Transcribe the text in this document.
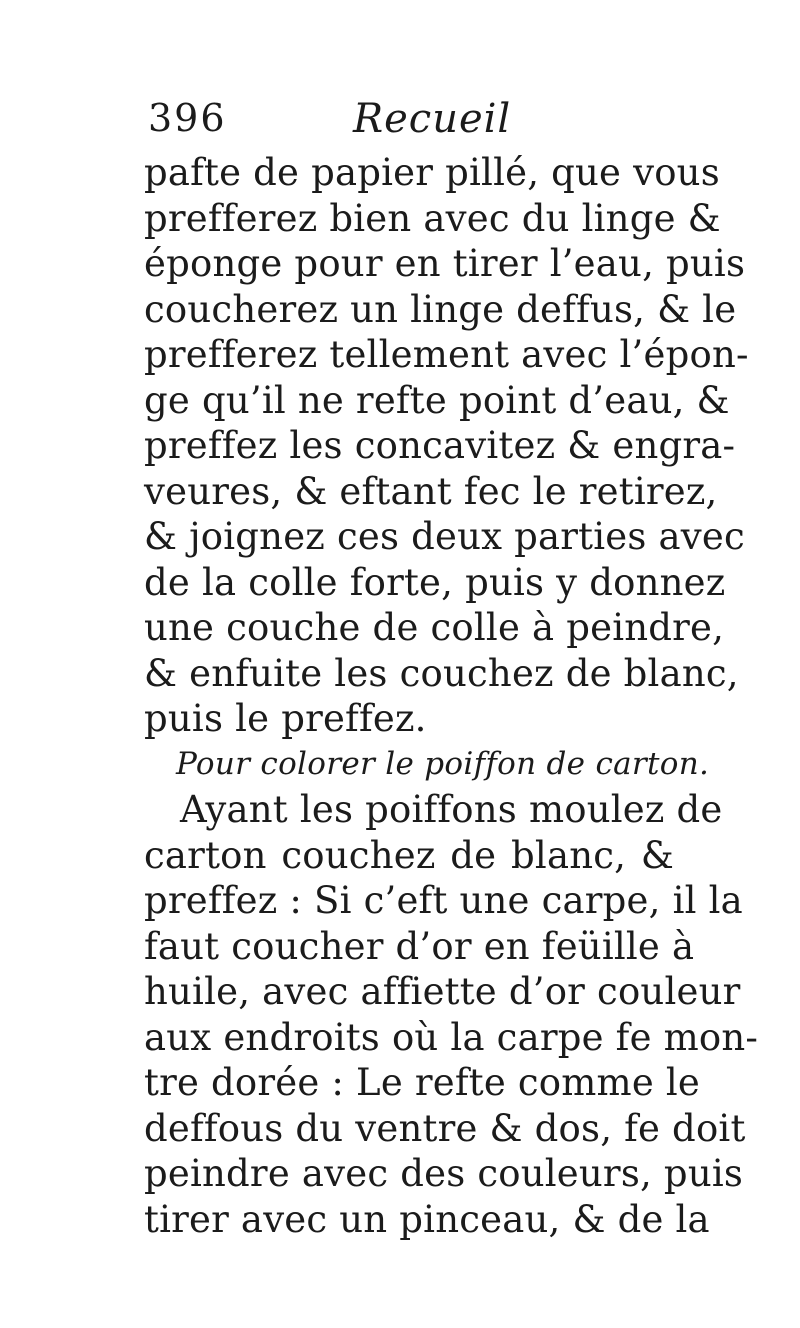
396	Recueil
pafte de papier pillé, que vous
prefferez bien avec du linge &
éponge pour en tirer l’eau, puis
coucherez un linge deffus, & le
prefferez tellement avec l’épon-
ge qu’il ne refte point d’eau, &
preffez les concavitez & engra-
veures, & eftant fec le retirez,
& joignez ces deux parties avec
de la colle forte, puis y donnez
une couche de colle à peindre,
& enfuite les couchez de blanc,
puis le preffez.
Pour colorer le poiffon de carton.
Ayant les poiffons moulez de
carton couchez de blanc, &
preffez : Si c’eft une carpe, il la
faut coucher d’or en feüille à
huile, avec affiette d’or couleur
aux endroits où la carpe fe mon-
tre dorée : Le refte comme le
deffous du ventre & dos, fe doit
peindre avec des couleurs, puis
tirer avec un pinceau, & de la
